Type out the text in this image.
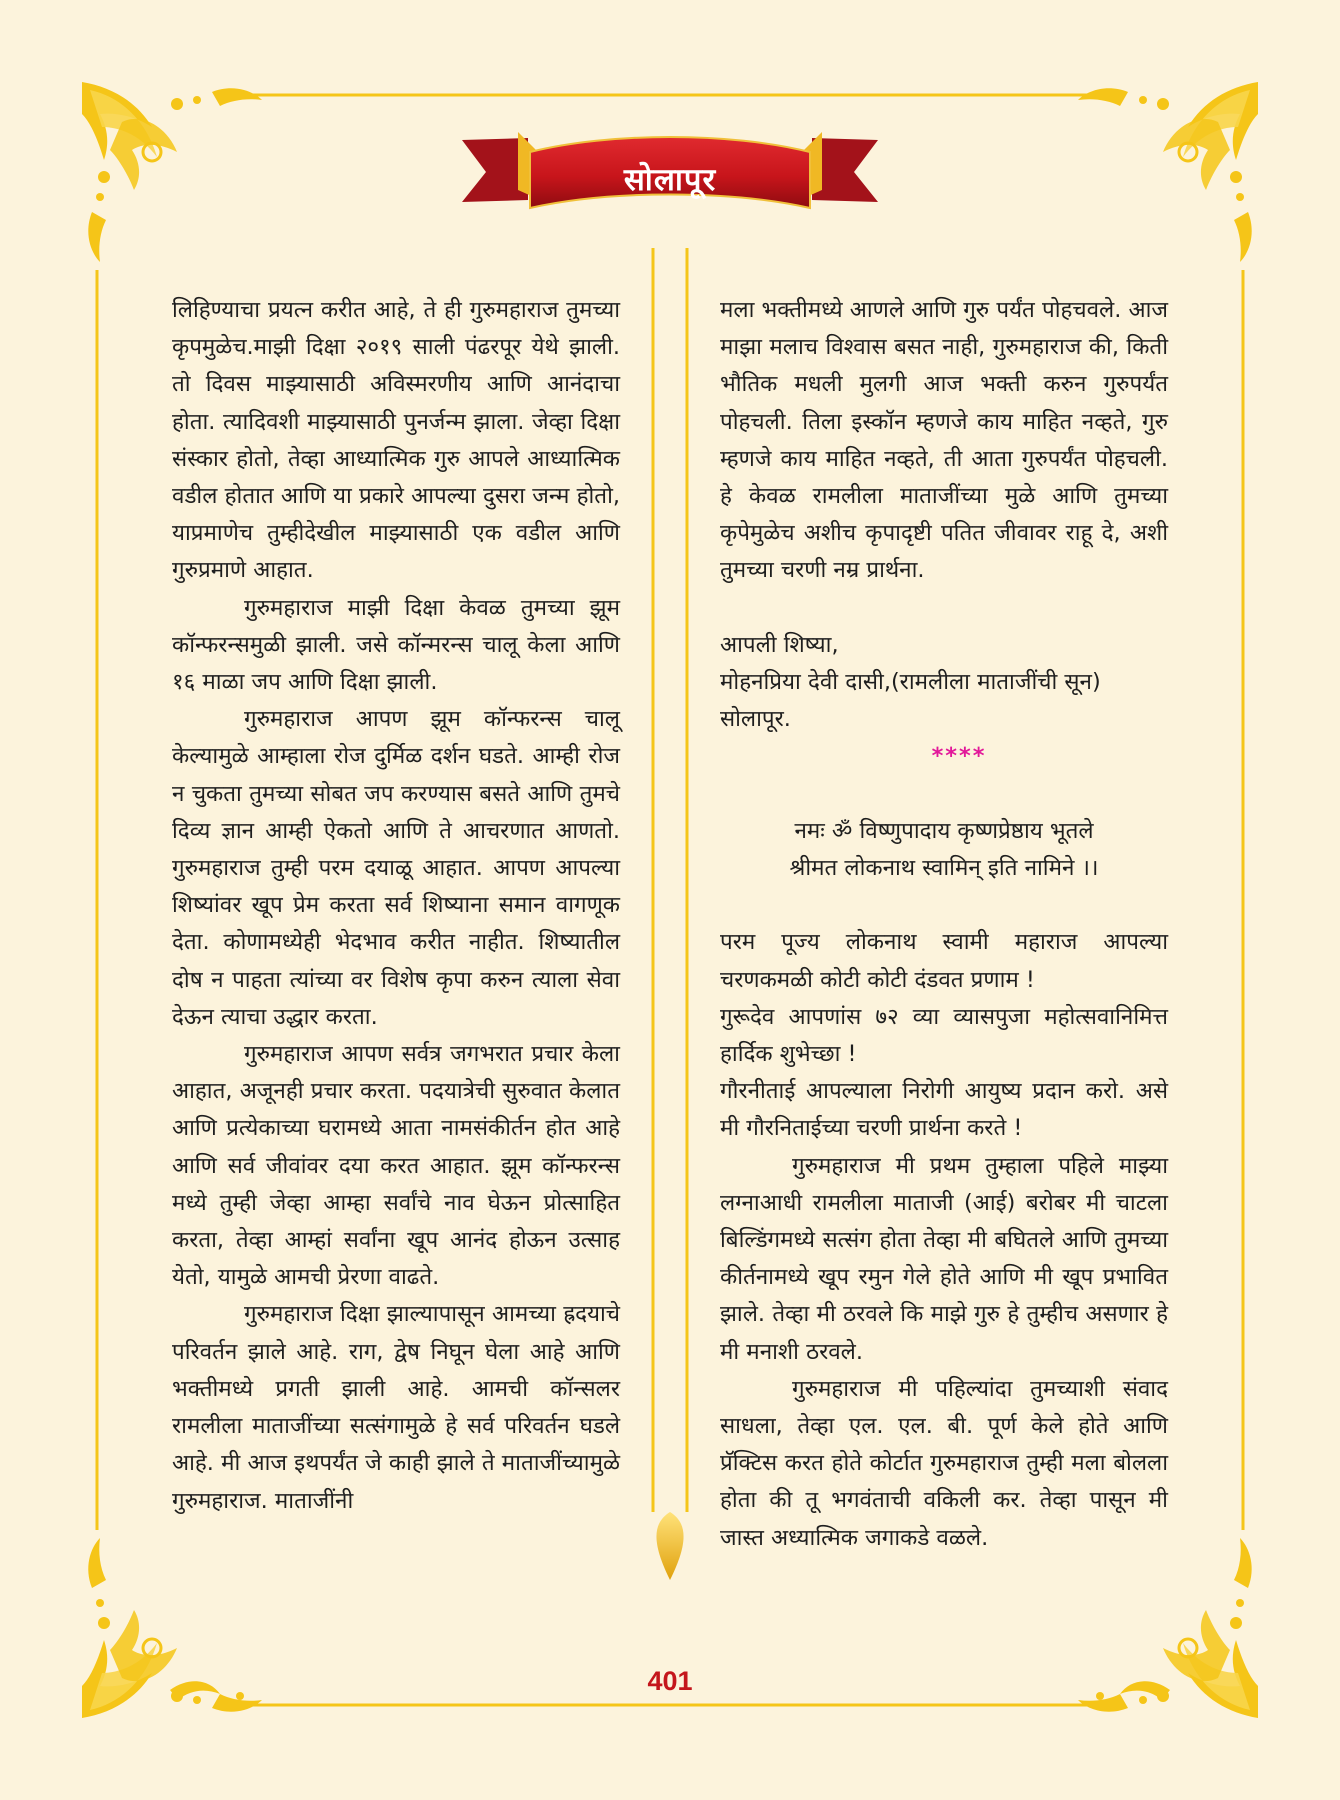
सोलापूर

लिहिण्याचा प्रयत्न करीत आहे, ते ही गुरुमहाराज तुमच्या कृपमुळेच.माझी दिक्षा २०१९ साली पंढरपूर येथे झाली. तो दिवस माझ्यासाठी अविस्मरणीय आणि आनंदाचा होता. त्यादिवशी माझ्यासाठी पुनर्जन्म झाला. जेव्हा दिक्षा संस्कार होतो, तेव्हा आध्यात्मिक गुरु आपले आध्यात्मिक वडील होतात आणि या प्रकारे आपल्या दुसरा जन्म होतो, याप्रमाणेच तुम्हीदेखील माझ्यासाठी एक वडील आणि गुरुप्रमाणे आहात.

गुरुमहाराज माझी दिक्षा केवळ तुमच्या झूम कॉन्फरन्समुळी झाली. जसे कॉन्मरन्स चालू केला आणि १६ माळा जप आणि दिक्षा झाली.

गुरुमहाराज आपण झूम कॉन्फरन्स चालू केल्यामुळे आम्हाला रोज दुर्मिळ दर्शन घडते. आम्ही रोज न चुकता तुमच्या सोबत जप करण्यास बसते आणि तुमचे दिव्य ज्ञान आम्ही ऐकतो आणि ते आचरणात आणतो. गुरुमहाराज तुम्ही परम दयाळू आहात. आपण आपल्या शिष्यांवर खूप प्रेम करता सर्व शिष्याना समान वागणूक देता. कोणामध्येही भेदभाव करीत नाहीत. शिष्यातील दोष न पाहता त्यांच्या वर विशेष कृपा करुन त्याला सेवा देऊन त्याचा उद्धार करता.

गुरुमहाराज आपण सर्वत्र जगभरात प्रचार केला आहात, अजूनही प्रचार करता. पदयात्रेची सुरुवात केलात आणि प्रत्येकाच्या घरामध्ये आता नामसंकीर्तन होत आहे आणि सर्व जीवांवर दया करत आहात. झूम कॉन्फरन्स मध्ये तुम्ही जेव्हा आम्हा सर्वांचे नाव घेऊन प्रोत्साहित करता, तेव्हा आम्हां सर्वांना खूप आनंद होऊन उत्साह येतो, यामुळे आमची प्रेरणा वाढते.

गुरुमहाराज दिक्षा झाल्यापासून आमच्या ह्रदयाचे परिवर्तन झाले आहे. राग, द्वेष निघून घेला आहे आणि भक्तीमध्ये प्रगती झाली आहे. आमची कॉन्सलर रामलीला माताजींच्या सत्संगामुळे हे सर्व परिवर्तन घडले आहे. मी आज इथपर्यंत जे काही झाले ते माताजींच्यामुळे गुरुमहाराज. माताजींनी

मला भक्तीमध्ये आणले आणि गुरु पर्यंत पोहचवले. आज माझा मलाच विश्वास बसत नाही, गुरुमहाराज की, किती भौतिक मधली मुलगी आज भक्ती करुन गुरुपर्यंत पोहचली. तिला इस्कॉन म्हणजे काय माहित नव्हते, गुरु म्हणजे काय माहित नव्हते, ती आता गुरुपर्यंत पोहचली. हे केवळ रामलीला माताजींच्या मुळे आणि तुमच्या कृपेमुळेच अशीच कृपादृष्टी पतित जीवावर राहू दे, अशी तुमच्या चरणी नम्र प्रार्थना.

आपली शिष्या,

मोहनप्रिया देवी दासी,(रामलीला माताजींची सून)

सोलापूर.

****

नमः ॐ विष्णुपादाय कृष्णप्रेष्ठाय भूतले

श्रीमत लोकनाथ स्वामिन् इति नामिने ।।

परम पूज्य लोकनाथ स्वामी महाराज आपल्या चरणकमळी कोटी कोटी दंडवत प्रणाम !

गुरूदेव आपणांस ७२ व्या व्यासपुजा महोत्सवानिमित्त हार्दिक शुभेच्छा !

गौरनीताई आपल्याला निरोगी आयुष्य प्रदान करो. असे मी गौरनिताईच्या चरणी प्रार्थना करते !

गुरुमहाराज मी प्रथम तुम्हाला पहिले माझ्या लग्नाआधी रामलीला माताजी (आई) बरोबर मी चाटला बिल्डिंगमध्ये सत्संग होता तेव्हा मी बघितले आणि तुमच्या कीर्तनामध्ये खूप रमुन गेले होते आणि मी खूप प्रभावित झाले. तेव्हा मी ठरवले कि माझे गुरु हे तुम्हीच असणार हे मी मनाशी ठरवले.

गुरुमहाराज मी पहिल्यांदा तुमच्याशी संवाद साधला, तेव्हा एल. एल. बी. पूर्ण केले होते आणि प्रॅक्टिस करत होते कोर्टात गुरुमहाराज तुम्ही मला बोलला होता की तू भगवंताची वकिली कर. तेव्हा पासून मी जास्त अध्यात्मिक जगाकडे वळले.

401
